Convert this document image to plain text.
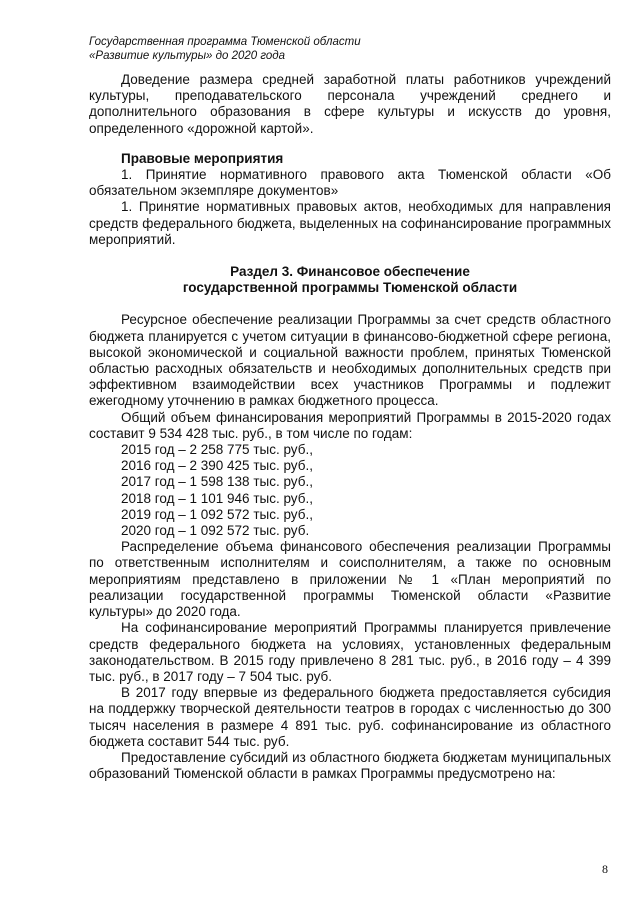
Государственная программа Тюменской области
«Развитие культуры» до 2020 года

Доведение размера средней заработной платы работников учреждений культуры, преподавательского персонала учреждений среднего и дополнительного образования в сфере культуры и искусств до уровня, определенного «дорожной картой».

Правовые мероприятия

1. Принятие нормативного правового акта Тюменской области «Об обязательном экземпляре документов»

1. Принятие нормативных правовых актов, необходимых для направления средств федерального бюджета, выделенных на софинансирование программных мероприятий.

Раздел 3. Финансовое обеспечение
государственной программы Тюменской области

Ресурсное обеспечение реализации Программы за счет средств областного бюджета планируется с учетом ситуации в финансово-бюджетной сфере региона, высокой экономической и социальной важности проблем, принятых Тюменской областью расходных обязательств и необходимых дополнительных средств при эффективном взаимодействии всех участников Программы и подлежит ежегодному уточнению в рамках бюджетного процесса.

Общий объем финансирования мероприятий Программы в 2015-2020 годах составит 9 534 428 тыс. руб., в том числе по годам:

2015 год – 2 258 775 тыс. руб.,
2016 год – 2 390 425 тыс. руб.,
2017 год – 1 598 138 тыс. руб.,
2018 год – 1 101 946 тыс. руб.,
2019 год – 1 092 572 тыс. руб.,
2020 год – 1 092 572 тыс. руб.

Распределение объема финансового обеспечения реализации Программы по ответственным исполнителям и соисполнителям, а также по основным мероприятиям представлено в приложении № 1 «План мероприятий по реализации государственной программы Тюменской области «Развитие культуры» до 2020 года.

На софинансирование мероприятий Программы планируется привлечение средств федерального бюджета на условиях, установленных федеральным законодательством. В 2015 году привлечено 8 281 тыс. руб., в 2016 году – 4 399 тыс. руб., в 2017 году – 7 504 тыс. руб.

В 2017 году впервые из федерального бюджета предоставляется субсидия на поддержку творческой деятельности театров в городах с численностью до 300 тысяч населения в размере 4 891 тыс. руб. софинансирование из областного бюджета составит 544 тыс. руб.

Предоставление субсидий из областного бюджета бюджетам муниципальных образований Тюменской области в рамках Программы предусмотрено на:

8
